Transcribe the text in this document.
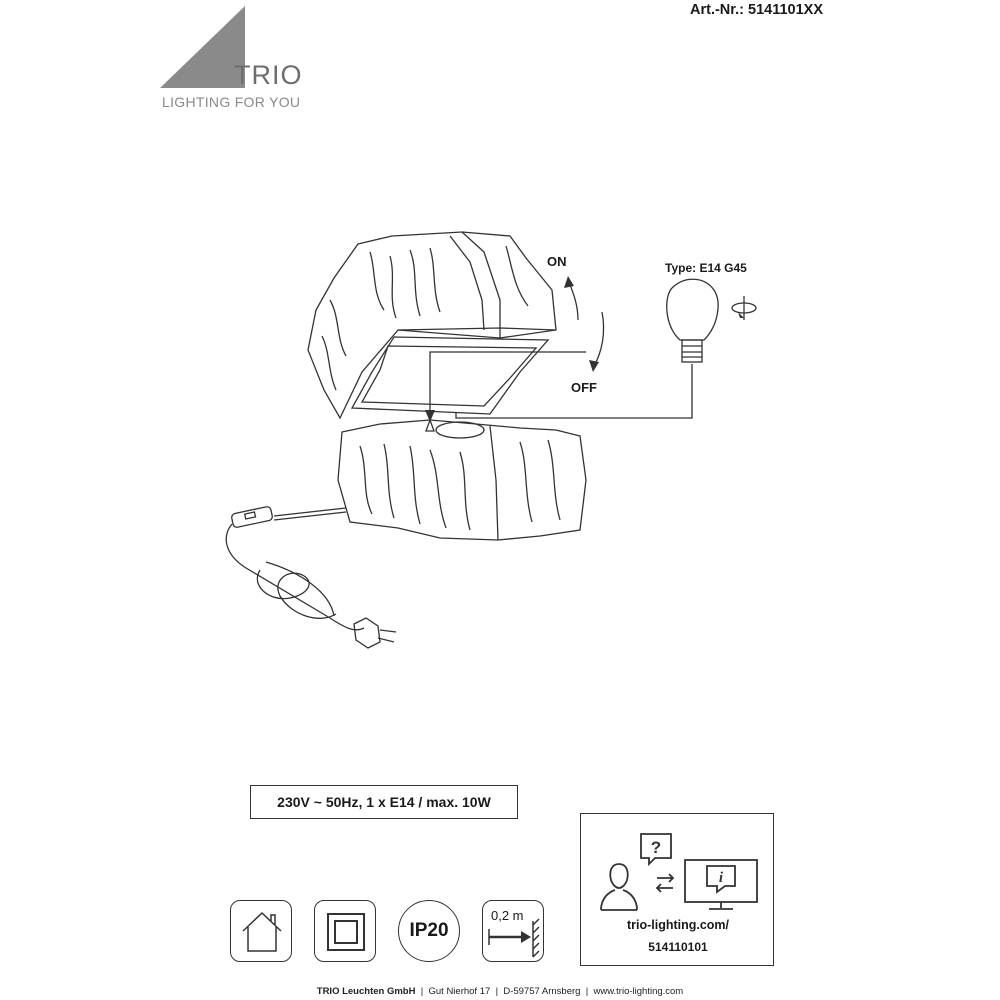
Art.-Nr.: 5141101XX
TRIO
LIGHTING FOR YOU
ON
OFF
Type: E14 G45
230V ~ 50Hz, 1 x E14 / max. 10W
IP20
0,2 m
?
i
trio-lighting.com/
514110101
TRIO Leuchten GmbH | Gut Nierhof 17 | D-59757 Arnsberg | www.trio-lighting.com
